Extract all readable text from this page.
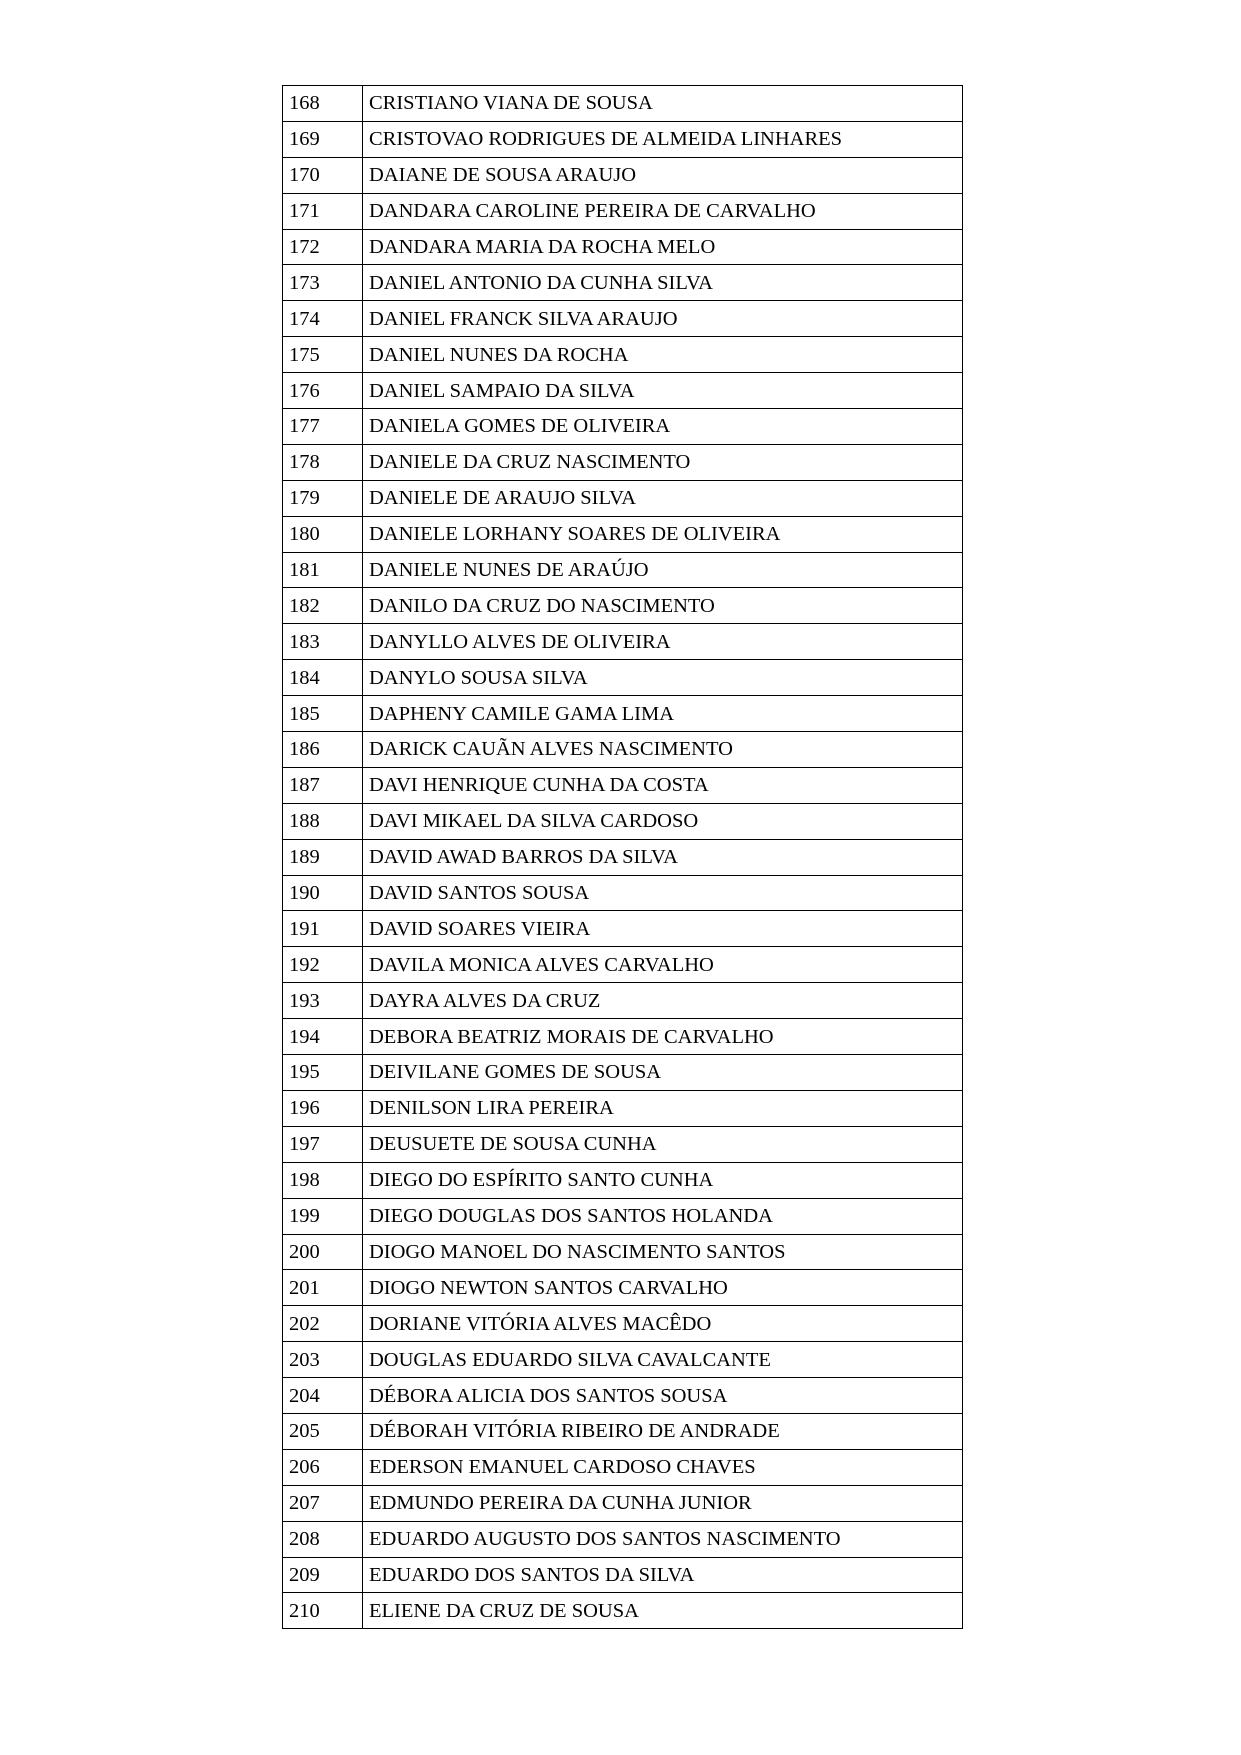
168	CRISTIANO VIANA DE SOUSA
169	CRISTOVAO RODRIGUES DE ALMEIDA LINHARES
170	DAIANE DE SOUSA ARAUJO
171	DANDARA CAROLINE PEREIRA DE CARVALHO
172	DANDARA MARIA DA ROCHA MELO
173	DANIEL ANTONIO DA CUNHA SILVA
174	DANIEL FRANCK SILVA ARAUJO
175	DANIEL NUNES DA ROCHA
176	DANIEL SAMPAIO DA SILVA
177	DANIELA GOMES DE OLIVEIRA
178	DANIELE DA CRUZ NASCIMENTO
179	DANIELE DE ARAUJO SILVA
180	DANIELE LORHANY SOARES DE OLIVEIRA
181	DANIELE NUNES DE ARAÚJO
182	DANILO DA CRUZ DO NASCIMENTO
183	DANYLLO ALVES DE OLIVEIRA
184	DANYLO SOUSA SILVA
185	DAPHENY CAMILE GAMA LIMA
186	DARICK CAUÃN ALVES NASCIMENTO
187	DAVI HENRIQUE CUNHA DA COSTA
188	DAVI MIKAEL DA SILVA CARDOSO
189	DAVID AWAD BARROS DA SILVA
190	DAVID SANTOS SOUSA
191	DAVID SOARES VIEIRA
192	DAVILA MONICA ALVES CARVALHO
193	DAYRA ALVES DA CRUZ
194	DEBORA BEATRIZ MORAIS DE CARVALHO
195	DEIVILANE GOMES DE SOUSA
196	DENILSON LIRA PEREIRA
197	DEUSUETE DE SOUSA CUNHA
198	DIEGO DO ESPÍRITO SANTO CUNHA
199	DIEGO DOUGLAS DOS SANTOS HOLANDA
200	DIOGO MANOEL DO NASCIMENTO SANTOS
201	DIOGO NEWTON SANTOS CARVALHO
202	DORIANE VITÓRIA ALVES MACÊDO
203	DOUGLAS EDUARDO SILVA CAVALCANTE
204	DÉBORA ALICIA DOS SANTOS SOUSA
205	DÉBORAH VITÓRIA RIBEIRO DE ANDRADE
206	EDERSON EMANUEL CARDOSO CHAVES
207	EDMUNDO PEREIRA DA CUNHA JUNIOR
208	EDUARDO AUGUSTO DOS SANTOS NASCIMENTO
209	EDUARDO DOS SANTOS DA SILVA
210	ELIENE DA CRUZ DE SOUSA
